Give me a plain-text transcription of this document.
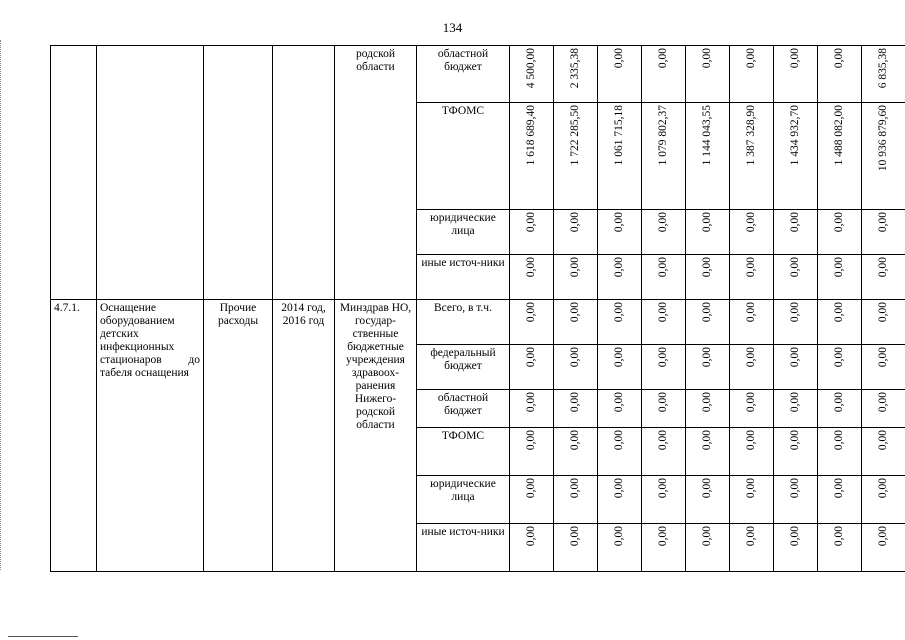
134
				родской области	областной бюджет	4 500,00	2 335,38	0,00	0,00	0,00	0,00	0,00	0,00	6 835,38
					ТФОМС	1 618 689,40	1 722 285,50	1 061 715,18	1 079 802,37	1 144 043,55	1 387 328,90	1 434 932,70	1 488 082,00	10 936 879,60
					юридические лица	0,00	0,00	0,00	0,00	0,00	0,00	0,00	0,00	0,00
					иные источ-ники	0,00	0,00	0,00	0,00	0,00	0,00	0,00	0,00	0,00
4.7.1.	Оснащение оборудованием детских инфекционных стационаров до табеля оснащения	Прочие расходы	2014 год, 2016 год	Минздрав НО, государ-ственные бюджетные учреждения здравоох-ранения Нижего-родской области	Всего, в т.ч.	0,00	0,00	0,00	0,00	0,00	0,00	0,00	0,00	0,00
					федеральный бюджет	0,00	0,00	0,00	0,00	0,00	0,00	0,00	0,00	0,00
					областной бюджет	0,00	0,00	0,00	0,00	0,00	0,00	0,00	0,00	0,00
					ТФОМС	0,00	0,00	0,00	0,00	0,00	0,00	0,00	0,00	0,00
					юридические лица	0,00	0,00	0,00	0,00	0,00	0,00	0,00	0,00	0,00
					иные источ-ники	0,00	0,00	0,00	0,00	0,00	0,00	0,00	0,00	0,00
